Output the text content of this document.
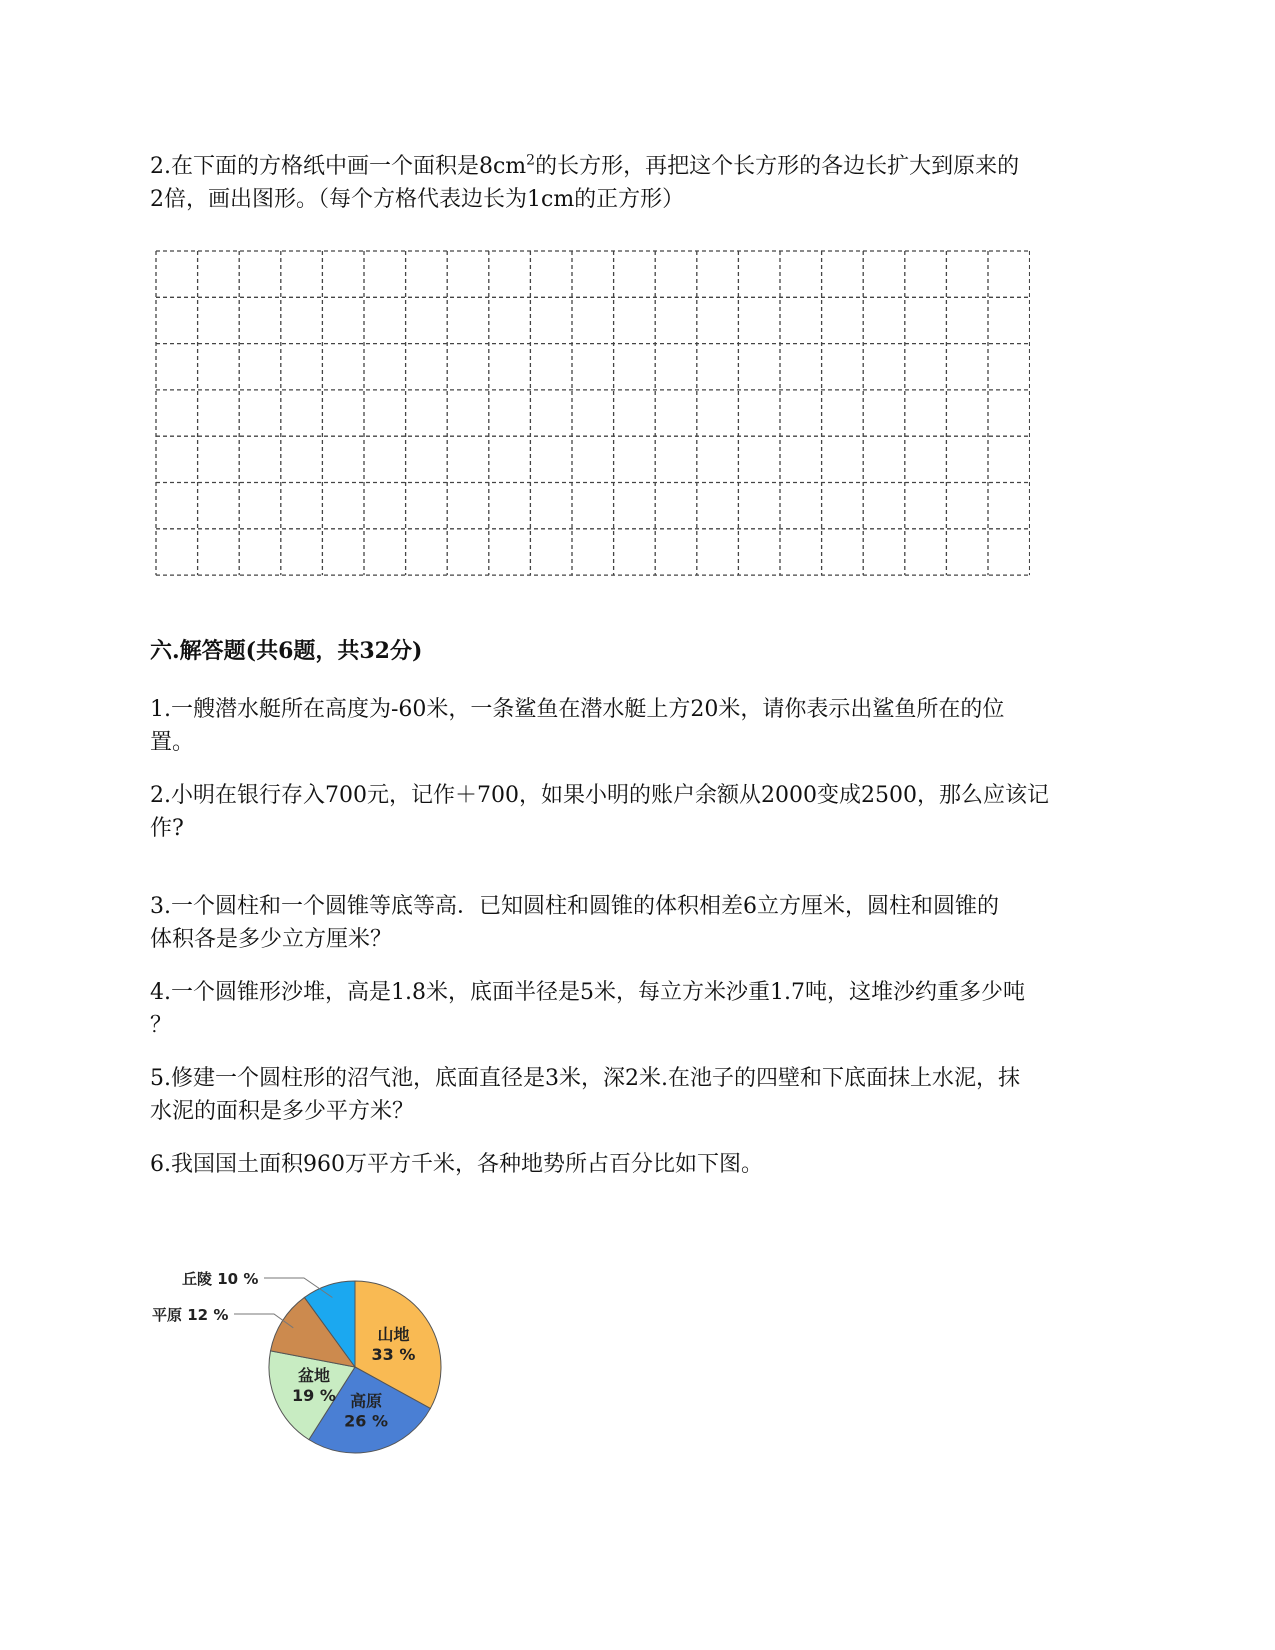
2.在下面的方格纸中画一个面积是$8cm^2$的长方形，再把这个长方形的各边长扩大到原来的
2倍，画出图形。（每个方格代表边长为1cm的正方形）
六.解答题(共6题，共32分)
1.一艘潜水艇所在高度为-60米，一条鲨鱼在潜水艇上方20米，请你表示出鲨鱼所在的位
置。
2.小明在银行存入700元，记作＋700，如果小明的账户余额从2000变成2500，那么应该记
作?
3.一个圆柱和一个圆锥等底等高．已知圆柱和圆锥的体积相差6立方厘米，圆柱和圆锥的
体积各是多少立方厘米？
4.一个圆锥形沙堆，高是1.8米，底面半径是5米，每立方米沙重1.7吨，这堆沙约重多少吨
？
5.修建一个圆柱形的沼气池，底面直径是3米，深2米.在池子的四壁和下底面抹上水泥，抹
水泥的面积是多少平方米？
6.我国国土面积960万平方千米，各种地势所占百分比如下图。
山地
33 %
高原
26 %
盆地
19 %
丘陵 10 %
平原 12 %
